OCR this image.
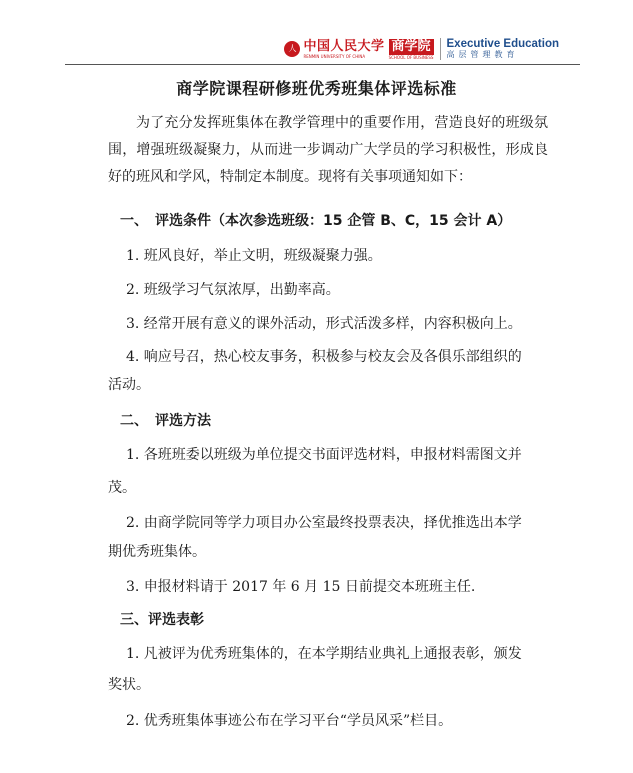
人 中国人民大学
RENMIN UNIVERSITY OF CHINA
商学院
SCHOOL OF BUSINESS
Executive Education
高层管理教育
商学院课程研修班优秀班集体评选标准
为了充分发挥班集体在教学管理中的重要作用，营造良好的班级氛围，增强班级凝聚力，从而进一步调动广大学员的学习积极性，形成良好的班风和学风，特制定本制度。现将有关事项通知如下：
一、　评选条件（本次参选班级：15 企管 B、C，15 会计 A）
1. 班风良好，举止文明，班级凝聚力强。
2. 班级学习气氛浓厚，出勤率高。
3. 经常开展有意义的课外活动，形式活泼多样，内容积极向上。
4. 响应号召，热心校友事务，积极参与校友会及各俱乐部组织的
活动。
二、　评选方法
1. 各班班委以班级为单位提交书面评选材料，申报材料需图文并
茂。
2. 由商学院同等学力项目办公室最终投票表决，择优推选出本学
期优秀班集体。
3. 申报材料请于 2017 年 6 月 15 日前提交本班班主任.
三、评选表彰
1. 凡被评为优秀班集体的，在本学期结业典礼上通报表彰，颁发
奖状。
2. 优秀班集体事迹公布在学习平台“学员风采”栏目。
